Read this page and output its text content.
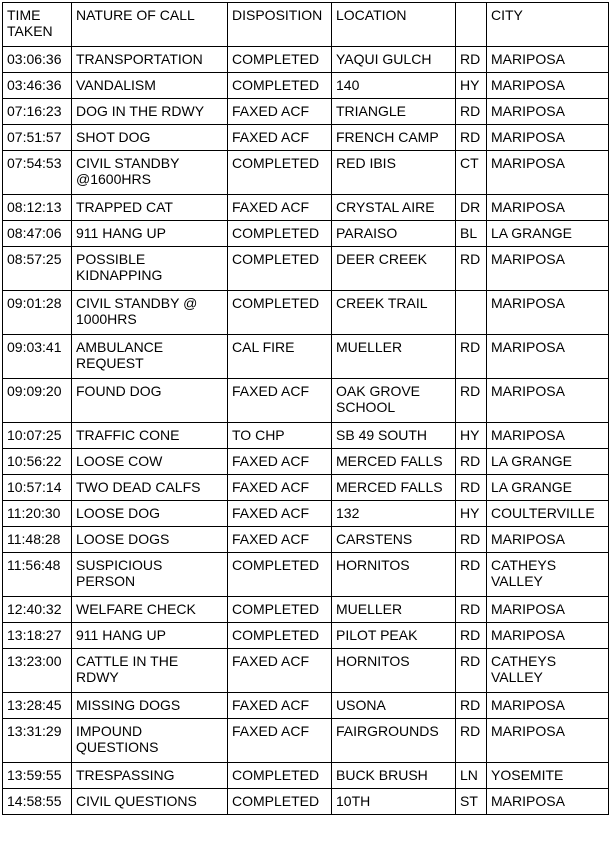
TIME TAKEN	NATURE OF CALL	DISPOSITION	LOCATION		CITY
03:06:36	TRANSPORTATION	COMPLETED	YAQUI GULCH	RD	MARIPOSA
03:46:36	VANDALISM	COMPLETED	140	HY	MARIPOSA
07:16:23	DOG IN THE RDWY	FAXED ACF	TRIANGLE	RD	MARIPOSA
07:51:57	SHOT DOG	FAXED ACF	FRENCH CAMP	RD	MARIPOSA
07:54:53	CIVIL STANDBY @1600HRS	COMPLETED	RED IBIS	CT	MARIPOSA
08:12:13	TRAPPED CAT	FAXED ACF	CRYSTAL AIRE	DR	MARIPOSA
08:47:06	911 HANG UP	COMPLETED	PARAISO	BL	LA GRANGE
08:57:25	POSSIBLE KIDNAPPING	COMPLETED	DEER CREEK	RD	MARIPOSA
09:01:28	CIVIL STANDBY @ 1000HRS	COMPLETED	CREEK TRAIL		MARIPOSA
09:03:41	AMBULANCE REQUEST	CAL FIRE	MUELLER	RD	MARIPOSA
09:09:20	FOUND DOG	FAXED ACF	OAK GROVE SCHOOL	RD	MARIPOSA
10:07:25	TRAFFIC CONE	TO CHP	SB 49 SOUTH	HY	MARIPOSA
10:56:22	LOOSE COW	FAXED ACF	MERCED FALLS	RD	LA GRANGE
10:57:14	TWO DEAD CALFS	FAXED ACF	MERCED FALLS	RD	LA GRANGE
11:20:30	LOOSE DOG	FAXED ACF	132	HY	COULTERVILLE
11:48:28	LOOSE DOGS	FAXED ACF	CARSTENS	RD	MARIPOSA
11:56:48	SUSPICIOUS PERSON	COMPLETED	HORNITOS	RD	CATHEYS VALLEY
12:40:32	WELFARE CHECK	COMPLETED	MUELLER	RD	MARIPOSA
13:18:27	911 HANG UP	COMPLETED	PILOT PEAK	RD	MARIPOSA
13:23:00	CATTLE IN THE RDWY	FAXED ACF	HORNITOS	RD	CATHEYS VALLEY
13:28:45	MISSING DOGS	FAXED ACF	USONA	RD	MARIPOSA
13:31:29	IMPOUND QUESTIONS	FAXED ACF	FAIRGROUNDS	RD	MARIPOSA
13:59:55	TRESPASSING	COMPLETED	BUCK BRUSH	LN	YOSEMITE
14:58:55	CIVIL QUESTIONS	COMPLETED	10TH	ST	MARIPOSA
